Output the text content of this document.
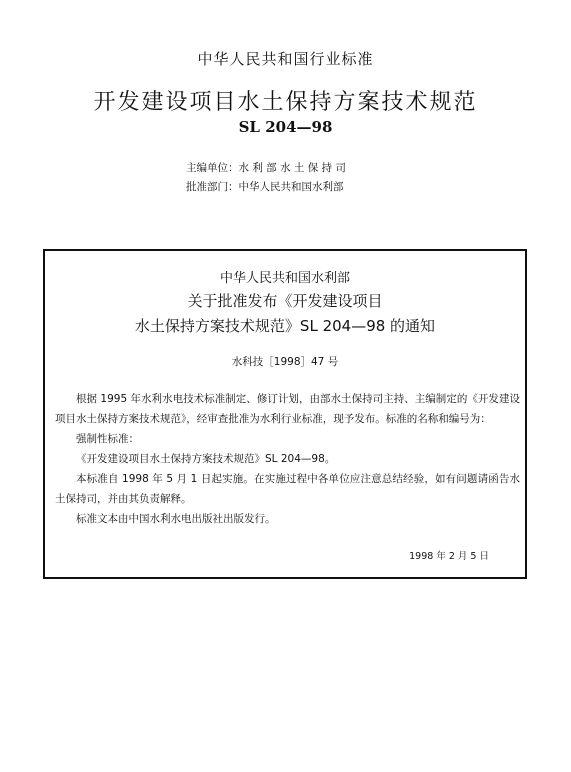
中华人民共和国行业标准
开发建设项目水土保持方案技术规范
SL 204—98
主编单位：水 利 部 水 土 保 持 司
批准部门：中华人民共和国水利部
中华人民共和国水利部
关于批准发布《开发建设项目
水土保持方案技术规范》SL 204—98 的通知
水科技［1998］47 号

根据 1995 年水利水电技术标准制定、修订计划，由部水土保持司主持、主编制定的《开发建设项目水土保持方案技术规范》，经审查批准为水利行业标准，现予发布。标准的名称和编号为：

强制性标准：

《开发建设项目水土保持方案技术规范》SL 204—98。

本标准自 1998 年 5 月 1 日起实施。在实施过程中各单位应注意总结经验，如有问题请函告水土保持司，并由其负责解释。

标准文本由中国水利水电出版社出版发行。

1998 年 2 月 5 日
